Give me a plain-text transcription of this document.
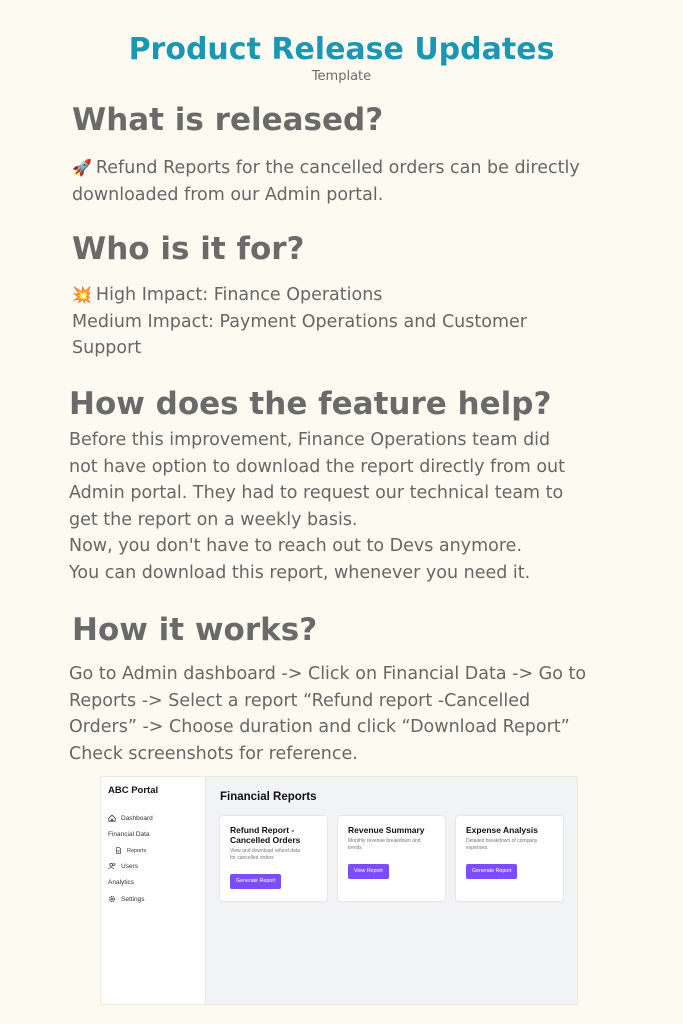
Product Release Updates
Template
What is released?
🚀 Refund Reports for the cancelled orders can be directly
downloaded from our Admin portal.
Who is it for?
💥 High Impact: Finance Operations
Medium Impact: Payment Operations and Customer
Support
How does the feature help?
Before this improvement, Finance Operations team did
not have option to download the report directly from out
Admin portal. They had to request our technical team to
get the report on a weekly basis.
Now, you don't have to reach out to Devs anymore.
You can download this report, whenever you need it.
How it works?
Go to Admin dashboard -> Click on Financial Data -> Go to
Reports -> Select a report “Refund report -Cancelled
Orders” -> Choose duration and click “Download Report”
Check screenshots for reference.
ABC Portal
Dashboard
Financial Data
Reports
Users
Analytics
Settings
Financial Reports
Refund Report -
Cancelled Orders
View and download refund data
for cancelled orders
Generate Report
Revenue Summary
Monthly revenue breakdown and
trends
View Report
Expense Analysis
Detailed breakdown of company
expenses
Generate Report
